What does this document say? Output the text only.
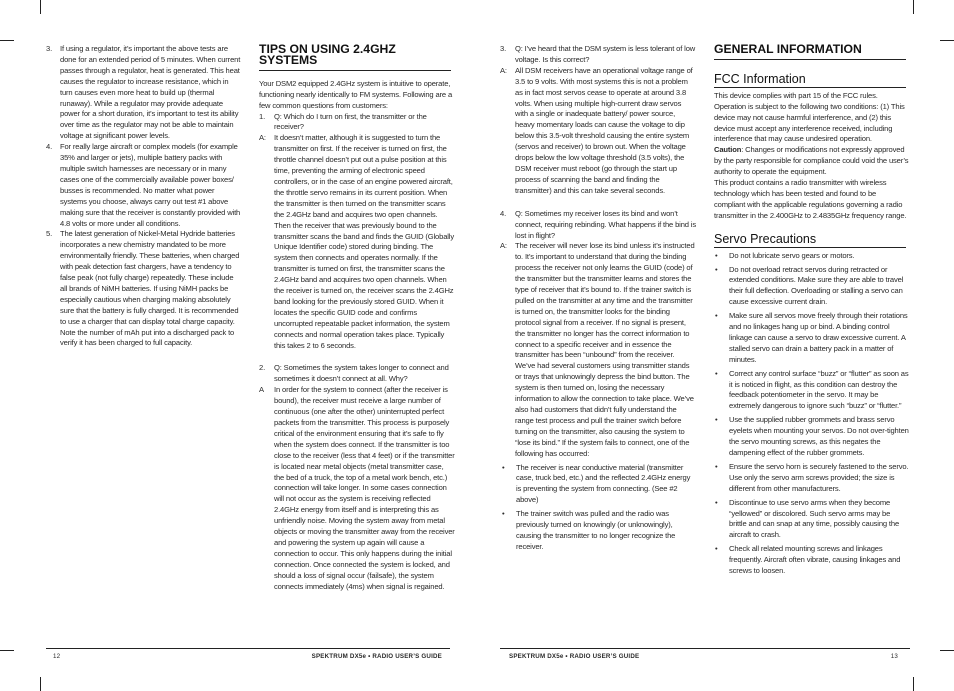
3.	If using a regulator, it’s important the above tests are done for an extended period of 5 minutes. When current passes through a regulator, heat is generated. This heat causes the regulator to increase resistance, which in turn causes even more heat to build up (thermal runaway). While a regulator may provide adequate power for a short duration, it’s important to test its ability over time as the regulator may not be able to maintain voltage at significant power levels.

4.	For really large aircraft or complex models (for example 35% and larger or jets), multiple battery packs with multiple switch harnesses are necessary or in many cases one of the commercially available power boxes/ busses is recommended. No matter what power systems you choose, always carry out test #1 above making sure that the receiver is constantly provided with 4.8 volts or more under all conditions.

5.	The latest generation of Nickel-Metal Hydride batteries incorporates a new chemistry mandated to be more environmentally friendly. These batteries, when charged with peak detection fast chargers, have a tendency to false peak (not fully charge) repeatedly. These include all brands of NiMH batteries. If using NiMH packs be especially cautious when charging making absolutely sure that the battery is fully charged. It is recommended to use a charger that can display total charge capacity. Note the number of mAh put into a discharged pack to verify it has been charged to full capacity.

TIPS ON USING 2.4GHZ SYSTEMS

Your DSM2 equipped 2.4GHz system is intuitive to operate, functioning nearly identically to FM systems. Following are a few common questions from customers:

1.	Q: Which do I turn on first, the transmitter or the receiver?

A:	It doesn’t matter, although it is suggested to turn the transmitter on first. If the receiver is turned on first, the throttle channel doesn’t put out a pulse position at this time, preventing the arming of electronic speed controllers, or in the case of an engine powered aircraft, the throttle servo remains in its current position. When the transmitter is then turned on the transmitter scans the 2.4GHz band and acquires two open channels. Then the receiver that was previously bound to the transmitter scans the band and finds the GUID (Globally Unique Identifier code) stored during binding. The system then connects and operates normally. If the transmitter is turned on first, the transmitter scans the 2.4GHz band and acquires two open channels. When the receiver is turned on, the receiver scans the 2.4GHz band looking for the previously stored GUID. When it locates the specific GUID code and confirms uncorrupted repeatable packet information, the system connects and normal operation takes place. Typically this takes 2 to 6 seconds.

2.	Q: Sometimes the system takes longer to connect and sometimes it doesn’t connect at all. Why?

A	In order for the system to connect (after the receiver is bound), the receiver must receive a large number of continuous (one after the other) uninterrupted perfect packets from the transmitter. This process is purposely critical of the environment ensuring that it’s safe to fly when the system does connect. If the transmitter is too close to the receiver (less that 4 feet) or if the transmitter is located near metal objects (metal transmitter case, the bed of a truck, the top of a metal work bench, etc.) connection will take longer. In some cases connection will not occur as the system is receiving reflected 2.4GHz energy from itself and is interpreting this as unfriendly noise. Moving the system away from metal objects or moving the transmitter away from the receiver and powering the system up again will cause a connection to occur. This only happens during the initial connection. Once connected the system is locked, and should a loss of signal occur (failsafe), the system connects immediately (4ms) when signal is regained.

3.	Q: I’ve heard that the DSM system is less tolerant of low voltage. Is this correct?

A:	All DSM receivers have an operational voltage range of 3.5 to 9 volts. With most systems this is not a problem as in fact most servos cease to operate at around 3.8 volts. When using multiple high-current draw servos with a single or inadequate battery/ power source, heavy momentary loads can cause the voltage to dip below this 3.5-volt threshold causing the entire system (servos and receiver) to brown out. When the voltage drops below the low voltage threshold (3.5 volts), the DSM receiver must reboot (go through the start up process of scanning the band and finding the transmitter) and this can take several seconds.

4.	Q: Sometimes my receiver loses its bind and won’t connect, requiring rebinding. What happens if the bind is lost in flight?

A:	The receiver will never lose its bind unless it’s instructed to. It’s important to understand that during the binding process the receiver not only learns the GUID (code) of the transmitter but the transmitter learns and stores the type of receiver that it’s bound to. If the trainer switch is pulled on the transmitter at any time and the transmitter is turned on, the transmitter looks for the binding protocol signal from a receiver. If no signal is present, the transmitter no longer has the correct information to connect to a specific receiver and in essence the transmitter has been “unbound” from the receiver. We’ve had several customers using transmitter stands or trays that unknowingly depress the bind button. The system is then turned on, losing the necessary information to allow the connection to take place. We’ve also had customers that didn’t fully understand the range test process and pull the trainer switch before turning on the transmitter, also causing the system to “lose its bind.” If the system fails to connect, one of the following has occurred:

•	The receiver is near conductive material (transmitter case, truck bed, etc.) and the reflected 2.4GHz energy is preventing the system from connecting. (See #2 above)

•	The trainer switch was pulled and the radio was previously turned on knowingly (or unknowingly), causing the transmitter to no longer recognize the receiver.

GENERAL INFORMATION
FCC Information

This device complies with part 15 of the FCC rules. Operation is subject to the following two conditions: (1) This device may not cause harmful interference, and (2) this device must accept any interference received, including interference that may cause undesired operation.

Caution: Changes or modifications not expressly approved by the party responsible for compliance could void the user’s authority to operate the equipment.

This product contains a radio transmitter with wireless technology which has been tested and found to be compliant with the applicable regulations governing a radio transmitter in the 2.400GHz to 2.4835GHz frequency range.

Servo Precautions
•	Do not lubricate servo gears or motors.

•	Do not overload retract servos during retracted or extended conditions. Make sure they are able to travel their full deflection. Overloading or stalling a servo can cause excessive current drain.

•	Make sure all servos move freely through their rotations and no linkages hang up or bind. A binding control linkage can cause a servo to draw excessive current. A stalled servo can drain a battery pack in a matter of minutes.

•	Correct any control surface “buzz” or “flutter” as soon as it is noticed in flight, as this condition can destroy the feedback potentiometer in the servo. It may be extremely dangerous to ignore such “buzz” or “flutter.”

•	Use the supplied rubber grommets and brass servo eyelets when mounting your servos. Do not over-tighten the servo mounting screws, as this negates the dampening effect of the rubber grommets.

•	Ensure the servo horn is securely fastened to the servo. Use only the servo arm screws provided; the size is different from other manufacturers.

•	Discontinue to use servo arms when they become “yellowed” or discolored. Such servo arms may be brittle and can snap at any time, possibly causing the aircraft to crash.

•	Check all related mounting screws and linkages frequently. Aircraft often vibrate, causing linkages and screws to loosen.

12	SPEKTRUM DX5e • RADIO USER’S GUIDE	SPEKTRUM DX5e • RADIO USER’S GUIDE	13
